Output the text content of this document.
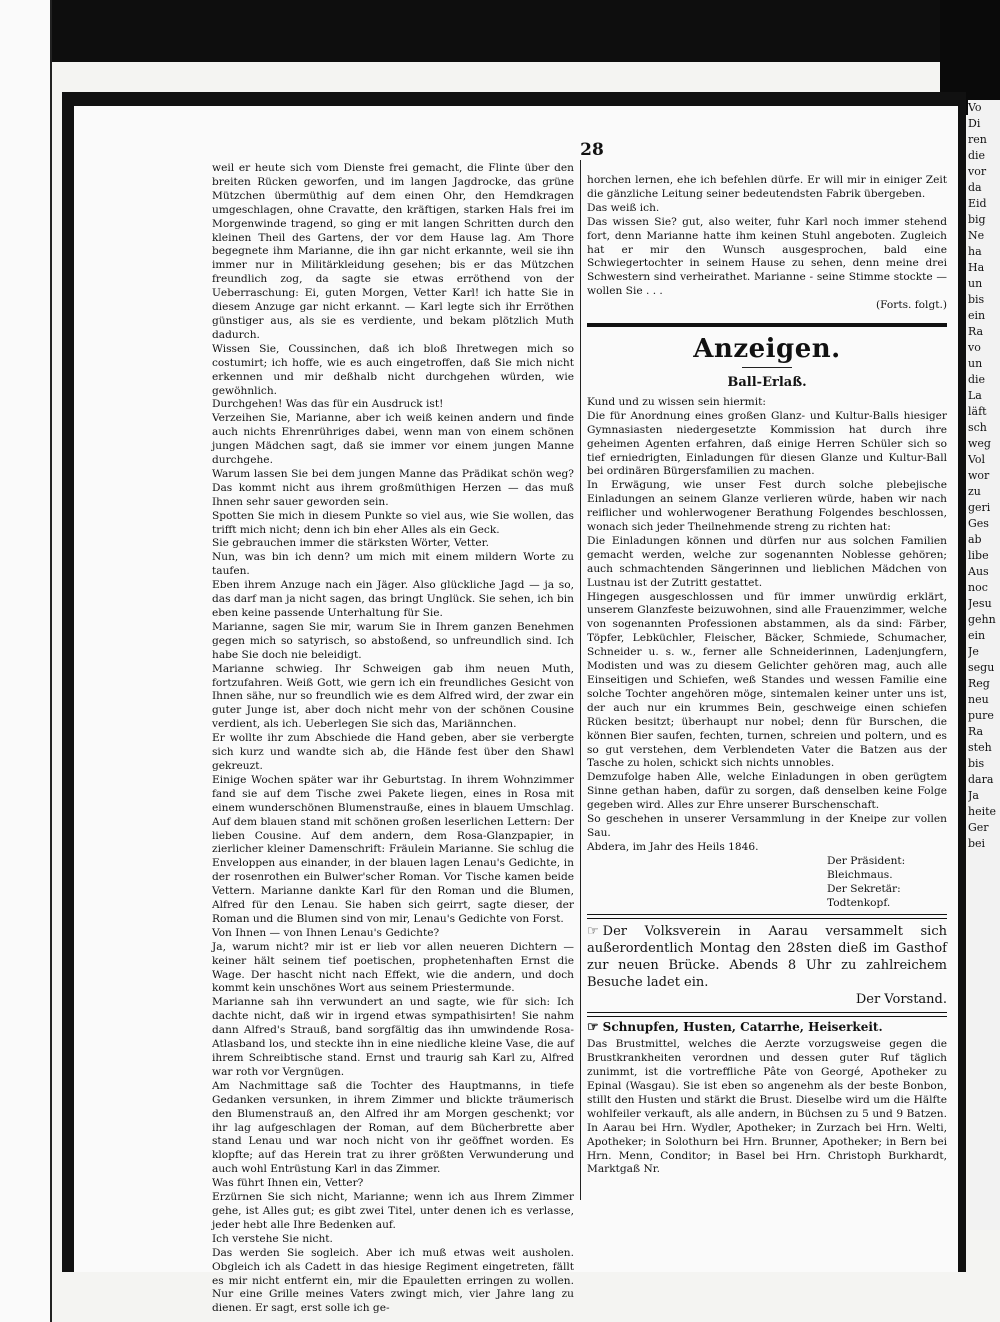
Vo
Di
ren
die
vor
da
Eid
big
Ne
ha
Ha
un
bis
ein
Ra
vo
un
die
La
läft
sch
weg
Vol
wor
zu
geri
Ges
ab
libe
Aus
noc
Jesu
gehn
ein
Je
segu
Reg
neu
pure
Ra
steh
bis
dara
Ja
heite
Ger
bei
28

weil er heute sich vom Dienste frei gemacht, die Flinte über den breiten Rücken geworfen, und im langen Jagdrocke, das grüne Mützchen übermüthig auf dem einen Ohr, den Hemdkragen umgeschlagen, ohne Cravatte, den kräftigen, starken Hals frei im Morgenwinde tragend, so ging er mit langen Schritten durch den kleinen Theil des Gartens, der vor dem Hause lag. Am Thore begegnete ihm Marianne, die ihn gar nicht erkannte, weil sie ihn immer nur in Militärkleidung gesehen; bis er das Mützchen freundlich zog, da sagte sie etwas erröthend von der Ueberraschung: Ei, guten Morgen, Vetter Karl! ich hatte Sie in diesem Anzuge gar nicht erkannt. — Karl legte sich ihr Erröthen günstiger aus, als sie es verdiente, und bekam plötzlich Muth dadurch.

Wissen Sie, Coussinchen, daß ich bloß Ihretwegen mich so costumirt; ich hoffe, wie es auch eingetroffen, daß Sie mich nicht erkennen und mir deßhalb nicht durchgehen würden, wie gewöhnlich.

Durchgehen! Was das für ein Ausdruck ist!

Verzeihen Sie, Marianne, aber ich weiß keinen andern und finde auch nichts Ehrenrühriges dabei, wenn man von einem schönen jungen Mädchen sagt, daß sie immer vor einem jungen Manne durchgehe.

Warum lassen Sie bei dem jungen Manne das Prädikat schön weg? Das kommt nicht aus ihrem großmüthigen Herzen — das muß Ihnen sehr sauer geworden sein.

Spotten Sie mich in diesem Punkte so viel aus, wie Sie wollen, das trifft mich nicht; denn ich bin eher Alles als ein Geck.

Sie gebrauchen immer die stärksten Wörter, Vetter.

Nun, was bin ich denn? um mich mit einem mildern Worte zu taufen.

Eben ihrem Anzuge nach ein Jäger. Also glückliche Jagd — ja so, das darf man ja nicht sagen, das bringt Unglück. Sie sehen, ich bin eben keine passende Unterhaltung für Sie.

Marianne, sagen Sie mir, warum Sie in Ihrem ganzen Benehmen gegen mich so satyrisch, so abstoßend, so unfreundlich sind. Ich habe Sie doch nie beleidigt.

Marianne schwieg. Ihr Schweigen gab ihm neuen Muth, fortzufahren. Weiß Gott, wie gern ich ein freundliches Gesicht von Ihnen sähe, nur so freundlich wie es dem Alfred wird, der zwar ein guter Junge ist, aber doch nicht mehr von der schönen Cousine verdient, als ich. Ueberlegen Sie sich das, Mariännchen.

Er wollte ihr zum Abschiede die Hand geben, aber sie verbergte sich kurz und wandte sich ab, die Hände fest über den Shawl gekreuzt.

Einige Wochen später war ihr Geburtstag. In ihrem Wohnzimmer fand sie auf dem Tische zwei Pakete liegen, eines in Rosa mit einem wunderschönen Blumenstrauße, eines in blauem Umschlag. Auf dem blauen stand mit schönen großen leserlichen Lettern: Der lieben Cousine. Auf dem andern, dem Rosa-Glanzpapier, in zierlicher kleiner Damenschrift: Fräulein Marianne. Sie schlug die Enveloppen aus einander, in der blauen lagen Lenau's Gedichte, in der rosenrothen ein Bulwer'scher Roman. Vor Tische kamen beide Vettern. Marianne dankte Karl für den Roman und die Blumen, Alfred für den Lenau. Sie haben sich geirrt, sagte dieser, der Roman und die Blumen sind von mir, Lenau's Gedichte von Forst.

Von Ihnen — von Ihnen Lenau's Gedichte?

Ja, warum nicht? mir ist er lieb vor allen neueren Dichtern — keiner hält seinem tief poetischen, prophetenhaften Ernst die Wage. Der hascht nicht nach Effekt, wie die andern, und doch kommt kein unschönes Wort aus seinem Priestermunde.

Marianne sah ihn verwundert an und sagte, wie für sich: Ich dachte nicht, daß wir in irgend etwas sympathisirten! Sie nahm dann Alfred's Strauß, band sorgfältig das ihn umwindende Rosa-Atlasband los, und steckte ihn in eine niedliche kleine Vase, die auf ihrem Schreibtische stand. Ernst und traurig sah Karl zu, Alfred war roth vor Vergnügen.

Am Nachmittage saß die Tochter des Hauptmanns, in tiefe Gedanken versunken, in ihrem Zimmer und blickte träumerisch den Blumenstrauß an, den Alfred ihr am Morgen geschenkt; vor ihr lag aufgeschlagen der Roman, auf dem Bücherbrette aber stand Lenau und war noch nicht von ihr geöffnet worden. Es klopfte; auf das Herein trat zu ihrer größten Verwunderung und auch wohl Entrüstung Karl in das Zimmer.

Was führt Ihnen ein, Vetter?

Erzürnen Sie sich nicht, Marianne; wenn ich aus Ihrem Zimmer gehe, ist Alles gut; es gibt zwei Titel, unter denen ich es verlasse, jeder hebt alle Ihre Bedenken auf.

Ich verstehe Sie nicht.

Das werden Sie sogleich. Aber ich muß etwas weit ausholen. Obgleich ich als Cadett in das hiesige Regiment eingetreten, fällt es mir nicht entfernt ein, mir die Epauletten erringen zu wollen. Nur eine Grille meines Vaters zwingt mich, vier Jahre lang zu dienen. Er sagt, erst solle ich ge-

horchen lernen, ehe ich befehlen dürfe. Er will mir in einiger Zeit die gänzliche Leitung seiner bedeutendsten Fabrik übergeben.
Das weiß ich.
Das wissen Sie? gut, also weiter, fuhr Karl noch immer stehend fort, denn Marianne hatte ihm keinen Stuhl angeboten. Zugleich hat er mir den Wunsch ausgesprochen, bald eine Schwiegertochter in seinem Hause zu sehen, denn meine drei Schwestern sind verheirathet. Marianne - seine Stimme stockte — wollen Sie . . .

(Forts. folgt.)

Anzeigen.
Ball-Erlaß.

Kund und zu wissen sein hiermit:

Die für Anordnung eines großen Glanz- und Kultur-Balls hiesiger Gymnasiasten niedergesetzte Kommission hat durch ihre geheimen Agenten erfahren, daß einige Herren Schüler sich so tief erniedrigten, Einladungen für diesen Glanze und Kultur-Ball bei ordinären Bürgersfamilien zu machen.

In Erwägung, wie unser Fest durch solche plebejische Einladungen an seinem Glanze verlieren würde, haben wir nach reiflicher und wohlerwogener Berathung Folgendes beschlossen, wonach sich jeder Theilnehmende streng zu richten hat:

Die Einladungen können und dürfen nur aus solchen Familien gemacht werden, welche zur sogenannten Noblesse gehören; auch schmachtenden Sängerinnen und lieblichen Mädchen von Lustnau ist der Zutritt gestattet.

Hingegen ausgeschlossen und für immer unwürdig erklärt, unserem Glanzfeste beizuwohnen, sind alle Frauenzimmer, welche von sogenannten Professionen abstammen, als da sind: Färber, Töpfer, Lebküchler, Fleischer, Bäcker, Schmiede, Schumacher, Schneider u. s. w., ferner alle Schneiderinnen, Ladenjungfern, Modisten und was zu diesem Gelichter gehören mag, auch alle Einseitigen und Schiefen, weß Standes und wessen Familie eine solche Tochter angehören möge, sintemalen keiner unter uns ist, der auch nur ein krummes Bein, geschweige einen schiefen Rücken besitzt; überhaupt nur nobel; denn für Burschen, die können Bier saufen, fechten, turnen, schreien und poltern, und es so gut verstehen, dem Verblendeten Vater die Batzen aus der Tasche zu holen, schickt sich nichts unnobles.

Demzufolge haben Alle, welche Einladungen in oben gerügtem Sinne gethan haben, dafür zu sorgen, daß denselben keine Folge gegeben wird. Alles zur Ehre unserer Burschenschaft.

So geschehen in unserer Versammlung in der Kneipe zur vollen Sau.

Abdera, im Jahr des Heils 1846.

Der Präsident:
Bleichmaus.
Der Sekretär:
Todtenkopf.
☞ Der Volksverein in Aarau versammelt sich außerordentlich Montag den 28sten dieß im Gasthof zur neuen Brücke. Abends 8 Uhr zu zahlreichem Besuche ladet ein.
Der Vorstand.
☞ Schnupfen, Husten, Catarrhe, Heiserkeit.

Das Brustmittel, welches die Aerzte vorzugsweise gegen die Brustkrankheiten verordnen und dessen guter Ruf täglich zunimmt, ist die vortreffliche Pâte von Georgé, Apotheker zu Epinal (Wasgau). Sie ist eben so angenehm als der beste Bonbon, stillt den Husten und stärkt die Brust. Dieselbe wird um die Hälfte wohlfeiler verkauft, als alle andern, in Büchsen zu 5 und 9 Batzen. In Aarau bei Hrn. Wydler, Apotheker; in Zurzach bei Hrn. Welti, Apotheker; in Solothurn bei Hrn. Brunner, Apotheker; in Bern bei Hrn. Menn, Conditor; in Basel bei Hrn. Christoph Burkhardt, Marktgaß Nr.
